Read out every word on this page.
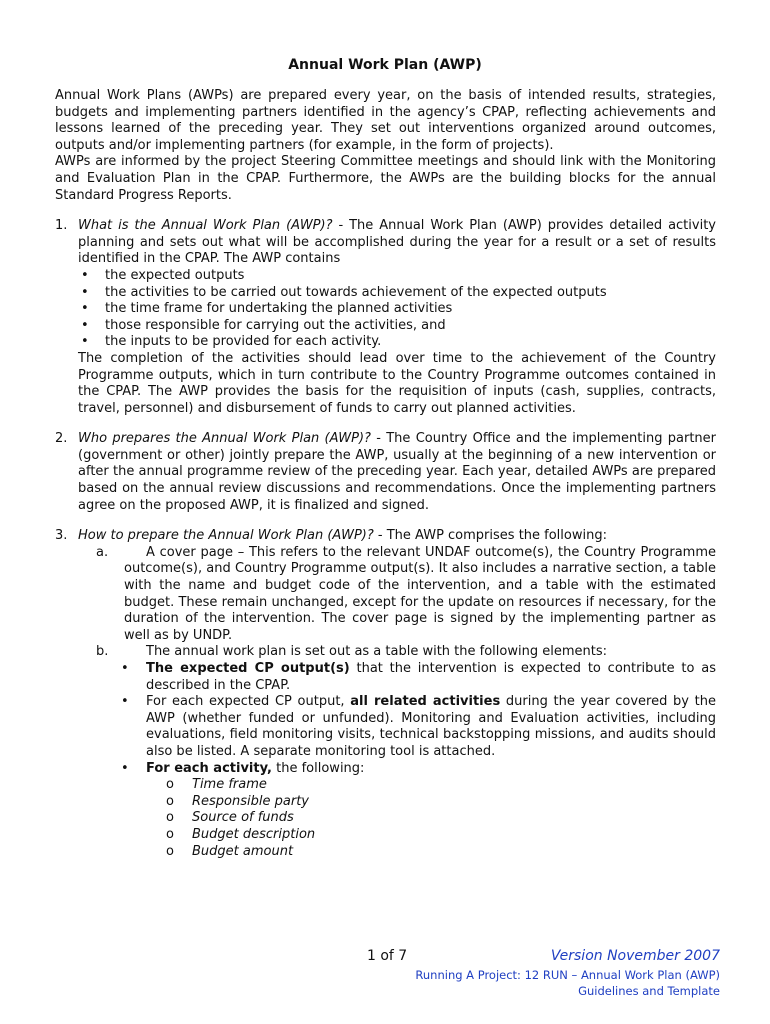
Annual Work Plan (AWP)

Annual Work Plans (AWPs) are prepared every year, on the basis of intended results, strategies, budgets and implementing partners identified in the agency’s CPAP, reflecting achievements and lessons learned of the preceding year. They set out interventions organized around outcomes, outputs and/or implementing partners (for example, in the form of projects).

AWPs are informed by the project Steering Committee meetings and should link with the Monitoring and Evaluation Plan in the CPAP. Furthermore, the AWPs are the building blocks for the annual Standard Progress Reports.

1. What is the Annual Work Plan (AWP)? - The Annual Work Plan (AWP) provides detailed activity planning and sets out what will be accomplished during the year for a result or a set of results identified in the CPAP. The AWP contains

• the expected outputs
• the activities to be carried out towards achievement of the expected outputs
• the time frame for undertaking the planned activities
• those responsible for carrying out the activities, and
• the inputs to be provided for each activity.

The completion of the activities should lead over time to the achievement of the Country Programme outputs, which in turn contribute to the Country Programme outcomes contained in the CPAP. The AWP provides the basis for the requisition of inputs (cash, supplies, contracts, travel, personnel) and disbursement of funds to carry out planned activities.

2. Who prepares the Annual Work Plan (AWP)? - The Country Office and the implementing partner (government or other) jointly prepare the AWP, usually at the beginning of a new intervention or after the annual programme review of the preceding year. Each year, detailed AWPs are prepared based on the annual review discussions and recommendations. Once the implementing partners agree on the proposed AWP, it is finalized and signed.

3. How to prepare the Annual Work Plan (AWP)? - The AWP comprises the following:

a.	A cover page – This refers to the relevant UNDAF outcome(s), the Country Programme outcome(s), and Country Programme output(s). It also includes a narrative section, a table with the name and budget code of the intervention, and a table with the estimated budget. These remain unchanged, except for the update on resources if necessary, for the duration of the intervention. The cover page is signed by the implementing partner as well as by UNDP.

b.	The annual work plan is set out as a table with the following elements:

• The expected CP output(s) that the intervention is expected to contribute to as described in the CPAP.

• For each expected CP output, all related activities during the year covered by the AWP (whether funded or unfunded). Monitoring and Evaluation activities, including evaluations, field monitoring visits, technical backstopping missions, and audits should also be listed. A separate monitoring tool is attached.

• For each activity, the following:

o Time frame
o Responsible party
o Source of funds
o Budget description
o Budget amount
1 of 7	Version November 2007
Running A Project: 12 RUN – Annual Work Plan (AWP)
Guidelines and Template
